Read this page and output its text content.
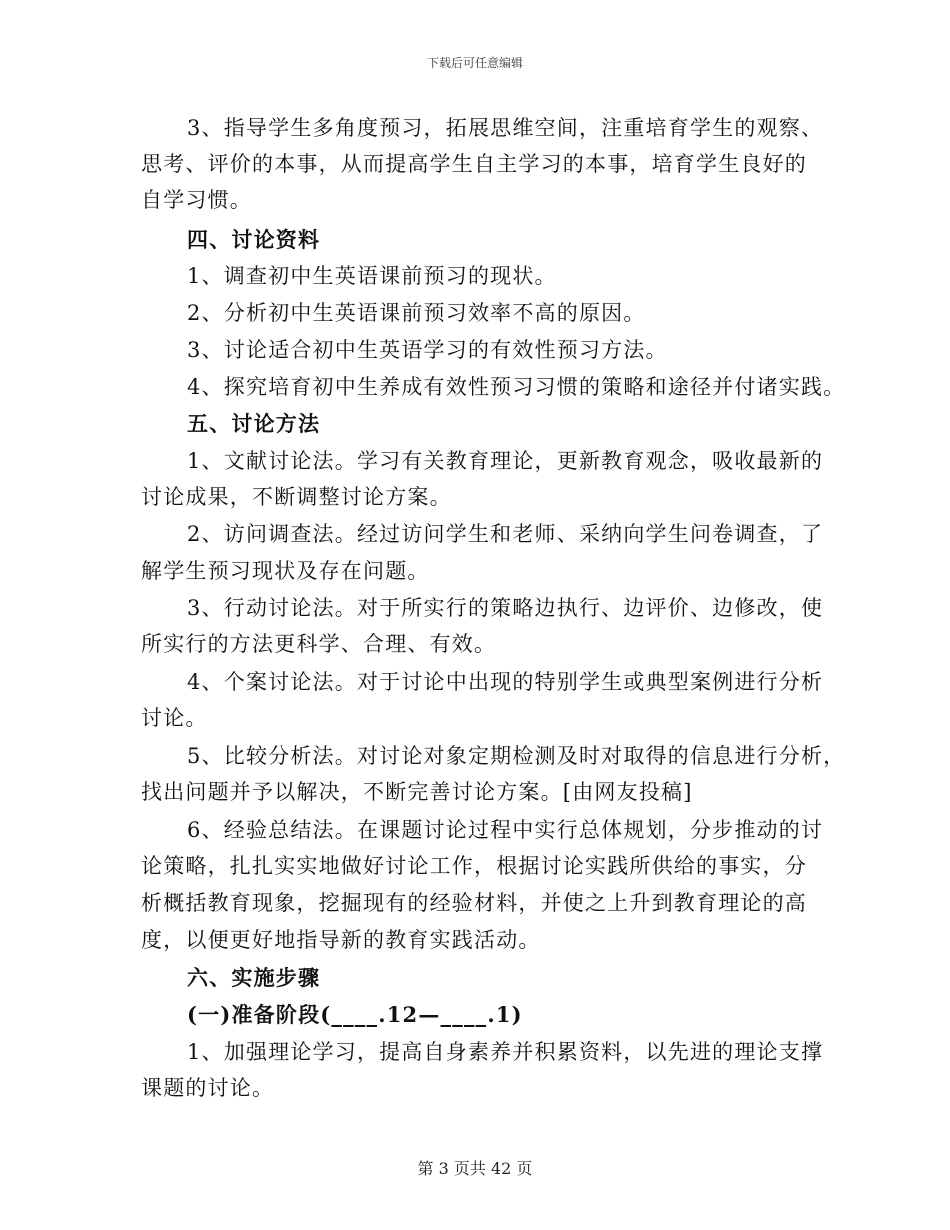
下载后可任意编辑
3、指导学生多角度预习，拓展思维空间，注重培育学生的观察、
思考、评价的本事，从而提高学生自主学习的本事，培育学生良好的
自学习惯。
四、讨论资料
1、调查初中生英语课前预习的现状。
2、分析初中生英语课前预习效率不高的原因。
3、讨论适合初中生英语学习的有效性预习方法。
4、探究培育初中生养成有效性预习习惯的策略和途径并付诸实践。
五、讨论方法
1、文献讨论法。学习有关教育理论，更新教育观念，吸收最新的
讨论成果，不断调整讨论方案。
2、访问调查法。经过访问学生和老师、采纳向学生问卷调查，了
解学生预习现状及存在问题。
3、行动讨论法。对于所实行的策略边执行、边评价、边修改，使
所实行的方法更科学、合理、有效。
4、个案讨论法。对于讨论中出现的特别学生或典型案例进行分析
讨论。
5、比较分析法。对讨论对象定期检测及时对取得的信息进行分析，
找出问题并予以解决，不断完善讨论方案。[由网友投稿]
6、经验总结法。在课题讨论过程中实行总体规划，分步推动的讨
论策略，扎扎实实地做好讨论工作，根据讨论实践所供给的事实，分
析概括教育现象，挖掘现有的经验材料，并使之上升到教育理论的高
度，以便更好地指导新的教育实践活动。
六、实施步骤
(一)准备阶段(____.12—____.1)
1、加强理论学习，提高自身素养并积累资料，以先进的理论支撑
课题的讨论。
第 3 页共 42 页
